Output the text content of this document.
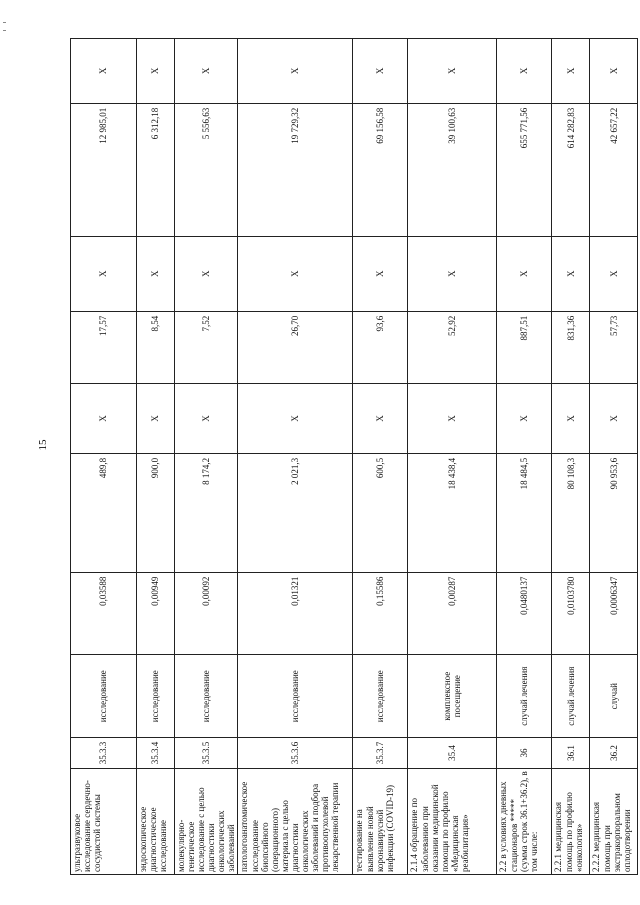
15
ультразвуковое исследование сердечно-сосудистой системы	35.3.3	исследование	0,03588	489,8	X	17,57	X	12 985,01	X
эндоскопическое диагностическое исследование	35.3.4	исследование	0,00949	900,0	X	8,54	X	6 312,18	X
молекулярно-генетическое исследование с целью диагностики онкологических заболеваний	35.3.5	исследование	0,00092	8 174,2	X	7,52	X	5 556,63	X
патологоанатомическое исследование биопсийного (операционного) материала с целью диагностики онкологических заболеваний и подбора противоопухолевой лекарственной терапии	35.3.6	исследование	0,01321	2 021,3	X	26,70	X	19 729,32	X
тестирование на выявление новой коронавирусной инфекции (COVID-19)	35.3.7	исследование	0,15586	600,5	X	93,6	X	69 156,58	X
2.1.4 обращение по заболеванию при оказании медицинской помощи по профилю «Медицинская реабилитация»	35.4	комплексное посещение	0,00287	18 438,4	X	52,92	X	39 100,63	X
2.2 в условиях дневных стационаров ***** (сумма строк 36.1+36.2), в том числе:	36	случай лечения	0,0480137	18 484,5	X	887,51	X	655 771,56	X
2.2.1 медицинская помощь по профилю «онкология»	36.1	случай лечения	0,0103780	80 108,3	X	831,36	X	614 282,83	X
2.2.2 медицинская помощь при экстракорпоральном оплодотворении	36.2	случай	0,0006347	90 953,6	X	57,73	X	42 657,22	X
